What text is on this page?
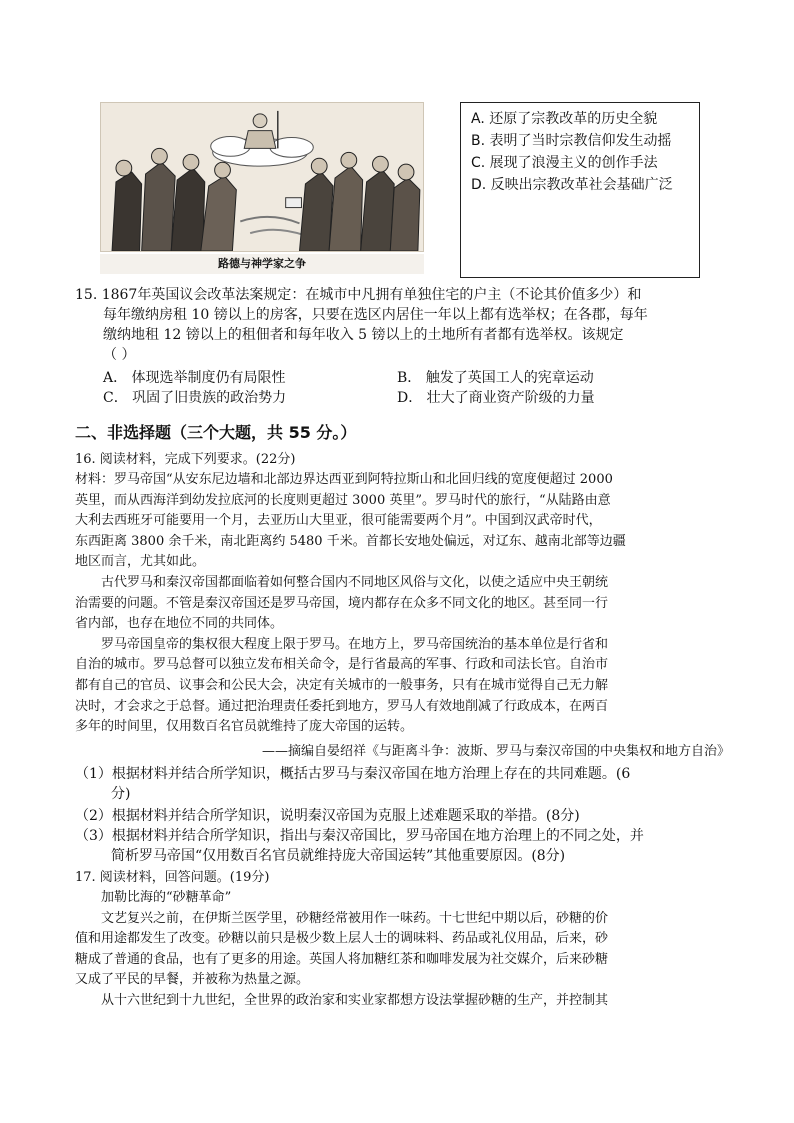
路德与神学家之争
A. 还原了宗教改革的历史全貌
B. 表明了当时宗教信仰发生动摇
C. 展现了浪漫主义的创作手法
D. 反映出宗教改革社会基础广泛
15. 1867年英国议会改革法案规定：在城市中凡拥有单独住宅的户主（不论其价值多少）和
每年缴纳房租 10 镑以上的房客，只要在选区内居住一年以上都有选举权；在各郡，每年
缴纳地租 12 镑以上的租佃者和每年收入 5 镑以上的土地所有者都有选举权。该规定
（ ）
A． 体现选举制度仍有局限性	B． 触发了英国工人的宪章运动
C． 巩固了旧贵族的政治势力	D． 壮大了商业资产阶级的力量
二、非选择题（三个大题，共 55 分。）
16. 阅读材料，完成下列要求。(22分)
材料：罗马帝国“从安东尼边墙和北部边界达西亚到阿特拉斯山和北回归线的宽度便超过 2000
英里，而从西海洋到幼发拉底河的长度则更超过 3000 英里”。罗马时代的旅行，“从陆路由意
大利去西班牙可能要用一个月，去亚历山大里亚，很可能需要两个月”。中国到汉武帝时代，
东西距离 3800 余千米，南北距离约 5480 千米。首都长安地处偏远，对辽东、越南北部等边疆
地区而言，尤其如此。
古代罗马和秦汉帝国都面临着如何整合国内不同地区风俗与文化，以使之适应中央王朝统
治需要的问题。不管是秦汉帝国还是罗马帝国，境内都存在众多不同文化的地区。甚至同一行
省内部，也存在地位不同的共同体。
罗马帝国皇帝的集权很大程度上限于罗马。在地方上，罗马帝国统治的基本单位是行省和
自治的城市。罗马总督可以独立发布相关命令，是行省最高的军事、行政和司法长官。自治市
都有自己的官员、议事会和公民大会，决定有关城市的一般事务，只有在城市觉得自己无力解
决时，才会求之于总督。通过把治理责任委托到地方，罗马人有效地削减了行政成本，在两百
多年的时间里，仅用数百名官员就维持了庞大帝国的运转。
——摘编自晏绍祥《与距离斗争：波斯、罗马与秦汉帝国的中央集权和地方自治》
（1）根据材料并结合所学知识，概括古罗马与秦汉帝国在地方治理上存在的共同难题。(6
分)
（2）根据材料并结合所学知识，说明秦汉帝国为克服上述难题采取的举措。(8分)
（3）根据材料并结合所学知识，指出与秦汉帝国比，罗马帝国在地方治理上的不同之处，并
简析罗马帝国“仅用数百名官员就维持庞大帝国运转”其他重要原因。(8分)
17. 阅读材料，回答问题。(19分)
加勒比海的“砂糖革命”
文艺复兴之前，在伊斯兰医学里，砂糖经常被用作一味药。十七世纪中期以后，砂糖的价
值和用途都发生了改变。砂糖以前只是极少数上层人士的调味料、药品或礼仪用品，后来，砂
糖成了普通的食品，也有了更多的用途。英国人将加糖红茶和咖啡发展为社交媒介，后来砂糖
又成了平民的早餐，并被称为热量之源。
从十六世纪到十九世纪，全世界的政治家和实业家都想方设法掌握砂糖的生产，并控制其
